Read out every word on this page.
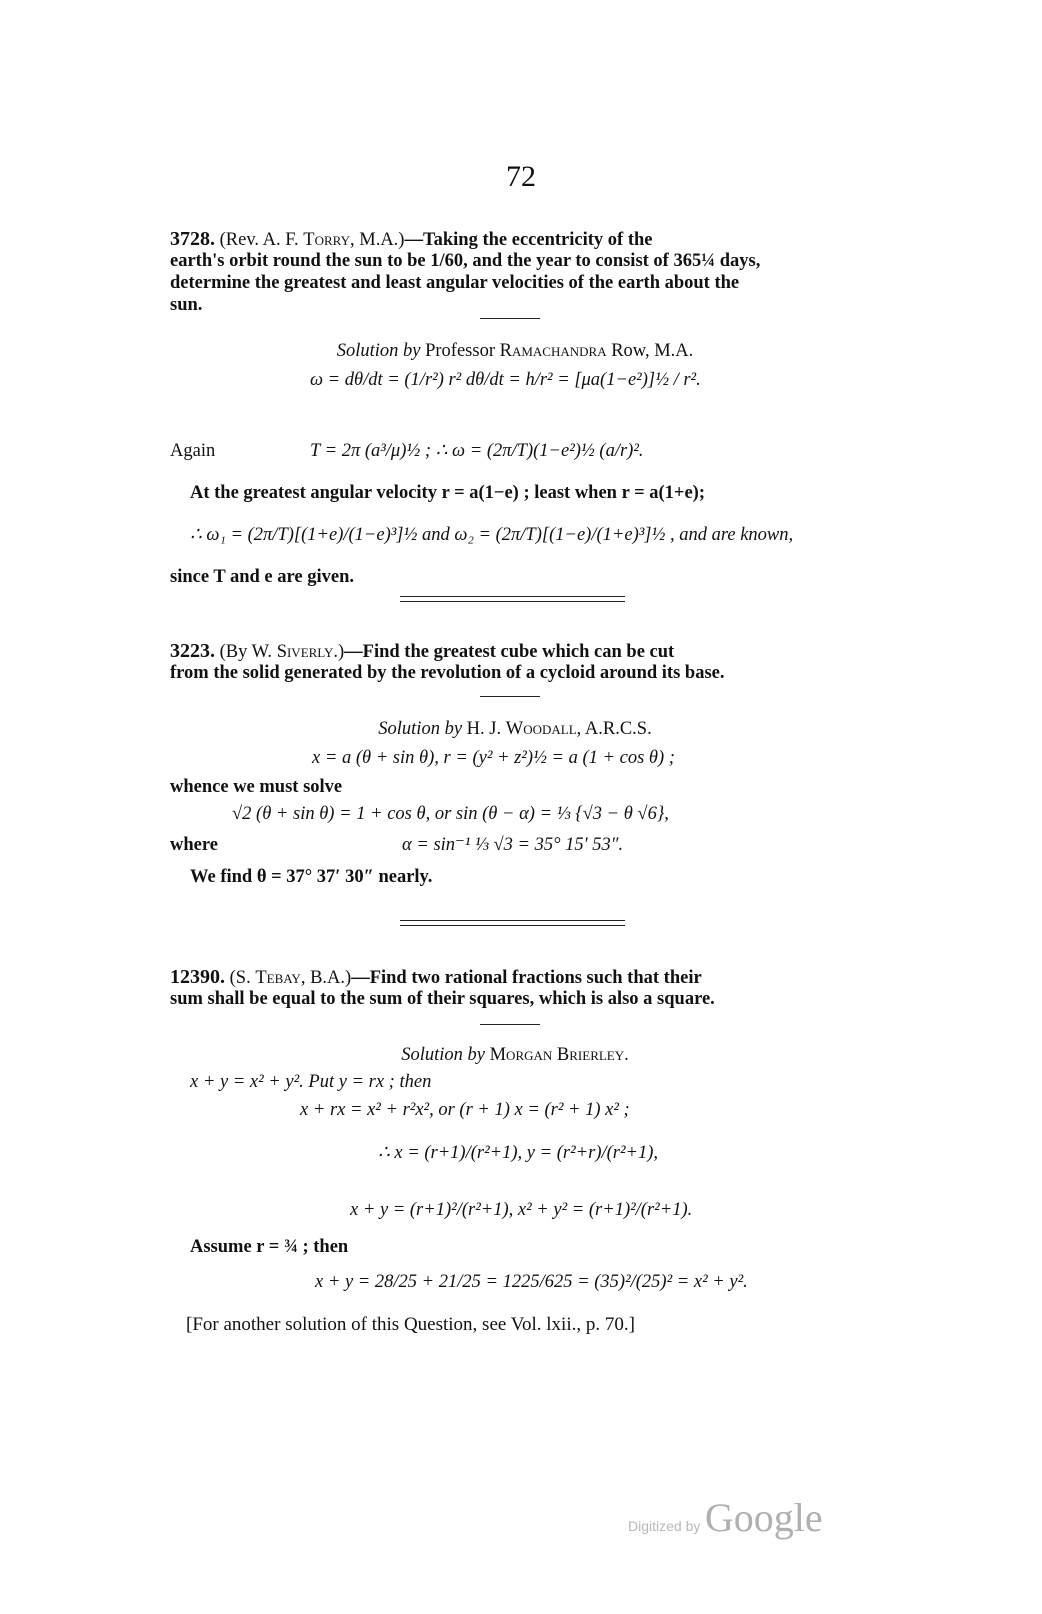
72
3728. (Rev. A. F. Torry, M.A.)—Taking the eccentricity of the
earth's orbit round the sun to be 1/60, and the year to consist of 365¼ days,
determine the greatest and least angular velocities of the earth about the
sun.
Solution by Professor Ramachandra Row, M.A.
ω = dθ/dt = (1/r²) r² dθ/dt = h/r² = [μa(1−e²)]½ / r².
Again	T = 2π (a³/μ)½ ; ∴ ω = (2π/T)(1−e²)½ (a/r)².
At the greatest angular velocity r = a(1−e) ; least when r = a(1+e);
∴ ω₁ = (2π/T)[(1+e)/(1−e)³]½ and ω₂ = (2π/T)[(1−e)/(1+e)³]½ , and are known,
since T and e are given.
3223. (By W. Siverly.)—Find the greatest cube which can be cut
from the solid generated by the revolution of a cycloid around its base.
Solution by H. J. Woodall, A.R.C.S.
x = a (θ + sin θ), r = (y² + z²)½ = a (1 + cos θ) ;
whence we must solve
√2 (θ + sin θ) = 1 + cos θ, or sin (θ − α) = ⅓ {√3 − θ √6},
where	α = sin⁻¹ ⅓ √3 = 35° 15′ 53″.
We find θ = 37° 37′ 30″ nearly.
12390. (S. Tebay, B.A.)—Find two rational fractions such that their
sum shall be equal to the sum of their squares, which is also a square.
Solution by Morgan Brierley.
x + y = x² + y². Put y = rx ; then
x + rx = x² + r²x², or (r + 1) x = (r² + 1) x² ;
∴ x = (r+1)/(r²+1), y = (r²+r)/(r²+1),
x + y = (r+1)²/(r²+1), x² + y² = (r+1)²/(r²+1).
Assume r = ¾ ; then
x + y = 28/25 + 21/25 = 1225/625 = (35)²/(25)² = x² + y².
[For another solution of this Question, see Vol. lxii., p. 70.]
Digitized by Google
